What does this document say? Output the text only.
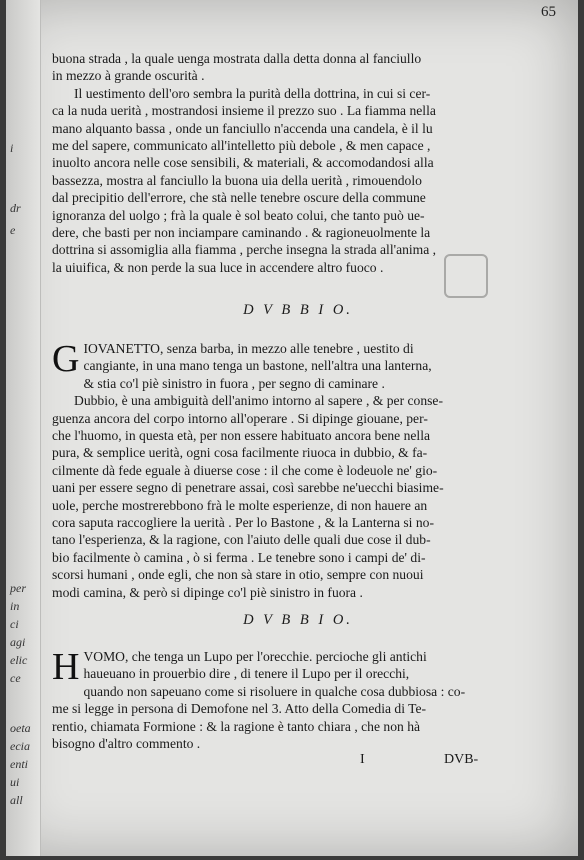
i
dr
e
per
in
ci
agi
elic
ce
oeta
ecia
enti
ui
all
65
buona strada , la quale uenga mostrata dalla detta donna al fanciullo
in mezzo à grande oscurità .
Il uestimento dell'oro sembra la purità della dottrina, in cui si cer-
ca la nuda uerità , mostrandosi insieme il prezzo suo . La fiamma nella
mano alquanto bassa , onde un fanciullo n'accenda una candela, è il lu
me del sapere, communicato all'intelletto più debole , & men capace ,
inuolto ancora nelle cose sensibili, & materiali, & accomodandosi alla
bassezza, mostra al fanciullo la buona uia della uerità , rimouendolo
dal precipitio dell'errore, che stà nelle tenebre oscure della commune
ignoranza del uolgo ; frà la quale è sol beato colui, che tanto può ue-
dere, che basti per non inciampare caminando . & ragioneuolmente la
dottrina si assomiglia alla fiamma , perche insegna la strada all'anima ,
la uiuifica, & non perde la sua luce in accendere altro fuoco .
D V B B I O.
G IOVANETTO, senza barba, in mezzo alle tenebre , uestito di
cangiante, in una mano tenga un bastone, nell'altra una lanterna,
& stia co'l piè sinistro in fuora , per segno di caminare .
Dubbio, è una ambiguità dell'animo intorno al sapere , & per conse-
guenza ancora del corpo intorno all'operare . Si dipinge giouane, per-
che l'huomo, in questa età, per non essere habituato ancora bene nella
pura, & semplice uerità, ogni cosa facilmente riuoca in dubbio, & fa-
cilmente dà fede eguale à diuerse cose : il che come è lodeuole ne' gio-
uani per essere segno di penetrare assai, così sarebbe ne'uecchi biasime-
uole, perche mostrerebbono frà le molte esperienze, di non hauere an
cora saputa raccogliere la uerità . Per lo Bastone , & la Lanterna si no-
tano l'esperienza, & la ragione, con l'aiuto delle quali due cose il dub-
bio facilmente ò camina , ò si ferma . Le tenebre sono i campi de' di-
scorsi humani , onde egli, che non sà stare in otio, sempre con nuoui
modi camina, & però si dipinge co'l piè sinistro in fuora .
D V B B I O.
H VOMO, che tenga un Lupo per l'orecchie. percioche gli antichi
haueuano in prouerbio dire , di tenere il Lupo per il orecchi,
quando non sapeuano come si risoluere in qualche cosa dubbiosa : co-
me si legge in persona di Demofone nel 3. Atto della Comedia di Te-
rentio, chiamata Formione : & la ragione è tanto chiara , che non hà
bisogno d'altro commento .
I	DVB-
